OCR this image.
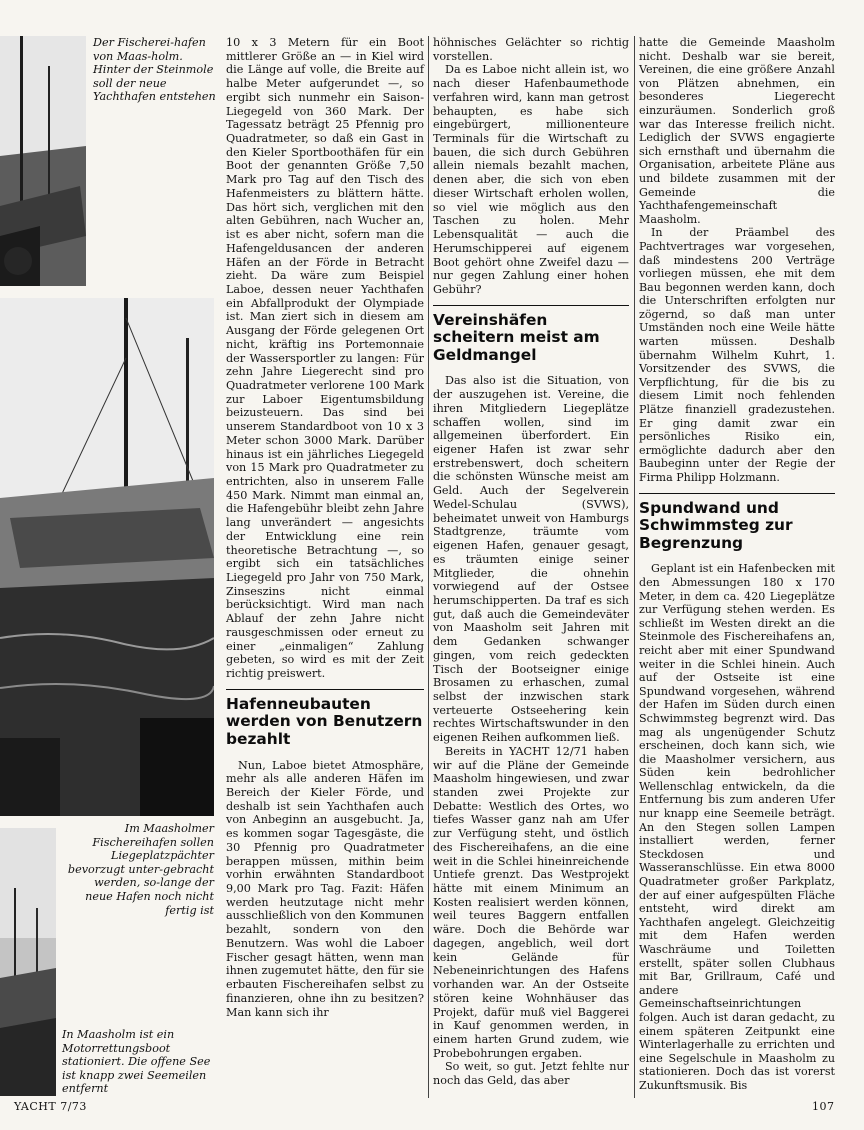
Der Fischerei-hafen von Maas-holm. Hinter der Steinmole soll der neue Yachthafen entstehen
Im Maasholmer Fischereihafen sollen Liegeplatzpächter bevorzugt unter-gebracht werden, so-lange der neue Hafen noch nicht fertig ist
In Maasholm ist ein Motorrettungsboot stationiert. Die offene See ist knapp zwei Seemeilen entfernt

10 x 3 Metern für ein Boot mittlerer Größe an — in Kiel wird die Länge auf volle, die Breite auf halbe Meter aufgerundet —, so ergibt sich nunmehr ein Saison-Liegegeld von 360 Mark. Der Tagessatz beträgt 25 Pfennig pro Quadratmeter, so daß ein Gast in den Kieler Sportboothäfen für ein Boot der genannten Größe 7,50 Mark pro Tag auf den Tisch des Hafenmeisters zu blättern hätte. Das hört sich, verglichen mit den alten Gebühren, nach Wucher an, ist es aber nicht, sofern man die Hafengeldusancen der anderen Häfen an der Förde in Betracht zieht. Da wäre zum Beispiel Laboe, dessen neuer Yachthafen ein Abfallprodukt der Olympiade ist. Man ziert sich in diesem am Ausgang der Förde gelegenen Ort nicht, kräftig ins Portemonnaie der Wassersportler zu langen: Für zehn Jahre Liegerecht sind pro Quadratmeter verlorene 100 Mark zur Laboer Eigentumsbildung beizusteuern. Das sind bei unserem Standardboot von 10 x 3 Meter schon 3000 Mark. Darüber hinaus ist ein jährliches Liegegeld von 15 Mark pro Quadratmeter zu entrichten, also in unserem Falle 450 Mark. Nimmt man einmal an, die Hafengebühr bleibt zehn Jahre lang unverändert — angesichts der Entwicklung eine rein theoretische Betrachtung —, so ergibt sich ein tatsächliches Liegegeld pro Jahr von 750 Mark, Zinseszins nicht einmal berücksichtigt. Wird man nach Ablauf der zehn Jahre nicht rausgeschmissen oder erneut zu einer „einmaligen“ Zahlung gebeten, so wird es mit der Zeit richtig preiswert.

Hafenneubauten werden von Benutzern bezahlt

Nun, Laboe bietet Atmosphäre, mehr als alle anderen Häfen im Bereich der Kieler Förde, und deshalb ist sein Yachthafen auch von Anbeginn an ausgebucht. Ja, es kommen sogar Tagesgäste, die 30 Pfennig pro Quadratmeter berappen müssen, mithin beim vorhin erwähnten Standardboot 9,00 Mark pro Tag. Fazit: Häfen werden heutzutage nicht mehr ausschließlich von den Kommunen bezahlt, sondern von den Benutzern. Was wohl die Laboer Fischer gesagt hätten, wenn man ihnen zugemutet hätte, den für sie erbauten Fischereihafen selbst zu finanzieren, ohne ihn zu besitzen? Man kann sich ihr

höhnisches Gelächter so richtig vorstellen.

Da es Laboe nicht allein ist, wo nach dieser Hafenbaumethode verfahren wird, kann man getrost behaupten, es habe sich eingebürgert, millionenteure Terminals für die Wirtschaft zu bauen, die sich durch Gebühren allein niemals bezahlt machen, denen aber, die sich von eben dieser Wirtschaft erholen wollen, so viel wie möglich aus den Taschen zu holen. Mehr Lebensqualität — auch die Herumschipperei auf eigenem Boot gehört ohne Zweifel dazu — nur gegen Zahlung einer hohen Gebühr?

Vereinshäfen scheitern meist am Geldmangel

Das also ist die Situation, von der auszugehen ist. Vereine, die ihren Mitgliedern Liegeplätze schaffen wollen, sind im allgemeinen überfordert. Ein eigener Hafen ist zwar sehr erstrebenswert, doch scheitern die schönsten Wünsche meist am Geld. Auch der Segelverein Wedel-Schulau (SVWS), beheimatet unweit von Hamburgs Stadtgrenze, träumte vom eigenen Hafen, genauer gesagt, es träumten einige seiner Mitglieder, die ohnehin vorwiegend auf der Ostsee herumschipperten. Da traf es sich gut, daß auch die Gemeindeväter von Maasholm seit Jahren mit dem Gedanken schwanger gingen, vom reich gedeckten Tisch der Bootseigner einige Brosamen zu erhaschen, zumal selbst der inzwischen stark verteuerte Ostseehering kein rechtes Wirtschaftswunder in den eigenen Reihen aufkommen ließ.

Bereits in YACHT 12/71 haben wir auf die Pläne der Gemeinde Maasholm hingewiesen, und zwar standen zwei Projekte zur Debatte: Westlich des Ortes, wo tiefes Wasser ganz nah am Ufer zur Verfügung steht, und östlich des Fischereihafens, an die eine weit in die Schlei hineinreichende Untiefe grenzt. Das Westprojekt hätte mit einem Minimum an Kosten realisiert werden können, weil teures Baggern entfallen wäre. Doch die Behörde war dagegen, angeblich, weil dort kein Gelände für Nebeneinrichtungen des Hafens vorhanden war. An der Ostseite stören keine Wohnhäuser das Projekt, dafür muß viel Baggerei in Kauf genommen werden, in einem harten Grund zudem, wie Probebohrungen ergaben.

So weit, so gut. Jetzt fehlte nur noch das Geld, das aber

hatte die Gemeinde Maasholm nicht. Deshalb war sie bereit, Vereinen, die eine größere Anzahl von Plätzen abnehmen, ein besonderes Liegerecht einzuräumen. Sonderlich groß war das Interesse freilich nicht. Lediglich der SVWS engagierte sich ernsthaft und übernahm die Organisation, arbeitete Pläne aus und bildete zusammen mit der Gemeinde die Yachthafengemeinschaft Maasholm.

In der Präambel des Pachtvertrages war vorgesehen, daß mindestens 200 Verträge vorliegen müssen, ehe mit dem Bau begonnen werden kann, doch die Unterschriften erfolgten nur zögernd, so daß man unter Umständen noch eine Weile hätte warten müssen. Deshalb übernahm Wilhelm Kuhrt, 1. Vorsitzender des SVWS, die Verpflichtung, für die bis zu diesem Limit noch fehlenden Plätze finanziell gradezustehen. Er ging damit zwar ein persönliches Risiko ein, ermöglichte dadurch aber den Baubeginn unter der Regie der Firma Philipp Holzmann.

Spundwand und Schwimmsteg zur Begrenzung

Geplant ist ein Hafenbecken mit den Abmessungen 180 x 170 Meter, in dem ca. 420 Liegeplätze zur Verfügung stehen werden. Es schließt im Westen direkt an die Steinmole des Fischereihafens an, reicht aber mit einer Spundwand weiter in die Schlei hinein. Auch auf der Ostseite ist eine Spundwand vorgesehen, während der Hafen im Süden durch einen Schwimmsteg begrenzt wird. Das mag als ungenügender Schutz erscheinen, doch kann sich, wie die Maasholmer versichern, aus Süden kein bedrohlicher Wellenschlag entwickeln, da die Entfernung bis zum anderen Ufer nur knapp eine Seemeile beträgt. An den Stegen sollen Lampen installiert werden, ferner Steckdosen und Wasseranschlüsse. Ein etwa 8000 Quadratmeter großer Parkplatz, der auf einer aufgespülten Fläche entsteht, wird direkt am Yachthafen angelegt. Gleichzeitig mit dem Hafen werden Waschräume und Toiletten erstellt, später sollen Clubhaus mit Bar, Grillraum, Café und andere Gemeinschaftseinrichtungen folgen. Auch ist daran gedacht, zu einem späteren Zeitpunkt eine Winterlagerhalle zu errichten und eine Segelschule in Maasholm zu stationieren. Doch das ist vorerst Zukunftsmusik. Bis

YACHT 7/73	107
